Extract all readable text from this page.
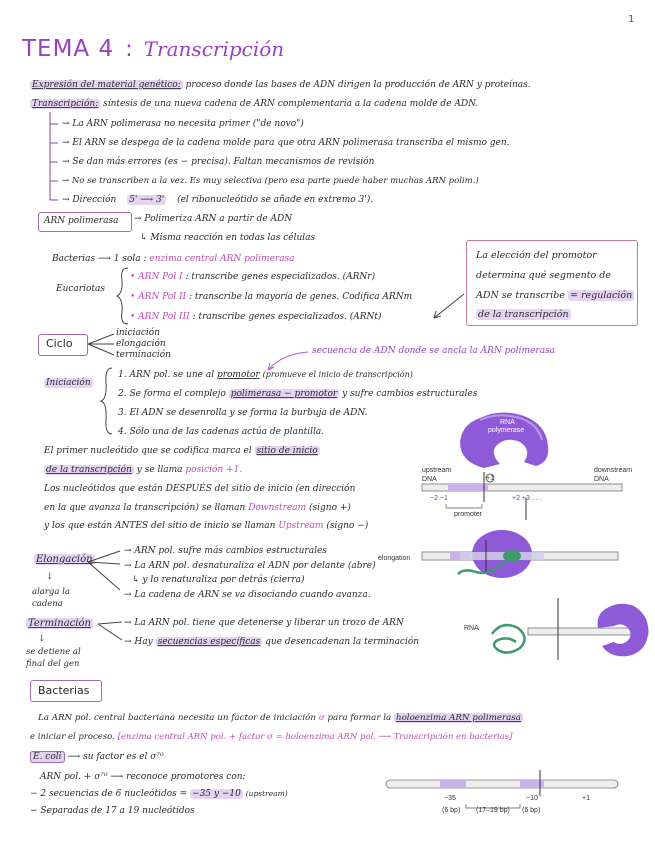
1
TEMA 4 : Transcripción
Expresión del material genético: proceso donde las bases de ADN dirigen la producción de ARN y proteínas.
Transcripción: síntesis de una nueva cadena de ARN complementaria a la cadena molde de ADN.
→ La ARN polimerasa no necesita primer ("de novo")
→ El ARN se despega de la cadena molde para que otra ARN polimerasa transcriba el mismo gen.
→ Se dan más errores (es − precisa). Faltan mecanismos de revisión
→ No se transcriben a la vez. Es muy selectiva (pero esa parte puede haber muchas ARN polim.)
→ Dirección 5' ⟶ 3' (el ribonucleótido se añade en extremo 3').
ARN polimerasa → Polimeriza ARN a partir de ADN
↳ Misma reacción en todas las células
Bacterias ⟶ 1 sola : enzima central ARN polimerasa
Eucariotas
• ARN Pol I : transcribe genes especializados. (ARNr)
• ARN Pol II : transcribe la mayoría de genes. Codifica ARNm
• ARN Pol III : transcribe genes especializados. (ARNt)
La elección del promotor
determina qué segmento de
ADN se transcribe = regulación
de la transcripción
Ciclo
iniciación
elongación
terminación	secuencia de ADN donde se ancla la ARN polimerasa
Iniciación
1. ARN pol. se une al promotor (promueve el inicio de transcripción)
2. Se forma el complejo polimerasa − promotor y sufre cambios estructurales
3. El ADN se desenrolla y se forma la burbuja de ADN.
4. Sólo una de las cadenas actúa de plantilla.
El primer nucleótido que se codifica marca el sitio de inicio
de la transcripción y se llama posición +1.
Los nucleótidos que están DESPUÉS del sitio de inicio (en dirección
en la que avanza la transcripción) se llaman Downstream (signo +)
y los que están ANTES del sitio de inicio se llaman Upstream (signo −)
RNA
polymerase
upstream
DNA
downstream
DNA
+1
−2 −1	+2 +3 . . .
promoter
Elongación
↓
alarga la cadena
→ ARN pol. sufre más cambios estructurales
→ La ARN pol. desnaturaliza el ADN por delante (abre)
↳ y lo renaturaliza por detrás (cierra)
→ La cadena de ARN se va disociando cuando avanza.
elongation
Terminación
↓
se detiene al final del gen
→ La ARN pol. tiene que detenerse y liberar un trozo de ARN
→ Hay secuencias específicas que desencadenan la terminación
RNA
Bacterias
La ARN pol. central bacteriana necesita un factor de iniciación σ para formar la holoenzima ARN polimerasa
e iniciar el proceso. [enzima central ARN pol. + factor σ = holoenzima ARN pol. ⟶ Transcripción en bacterias]
E. coli ⟶ su factor es el σ⁷⁰
ARN pol. + σ⁷⁰ ⟶ reconoce promotores con:
− 2 secuencias de 6 nucleótidos = −35 y −10 (upstream)
− Separadas de 17 a 19 nucleótidos
−35	−10	+1
(6 bp) (17–19 bp) (6 bp)
